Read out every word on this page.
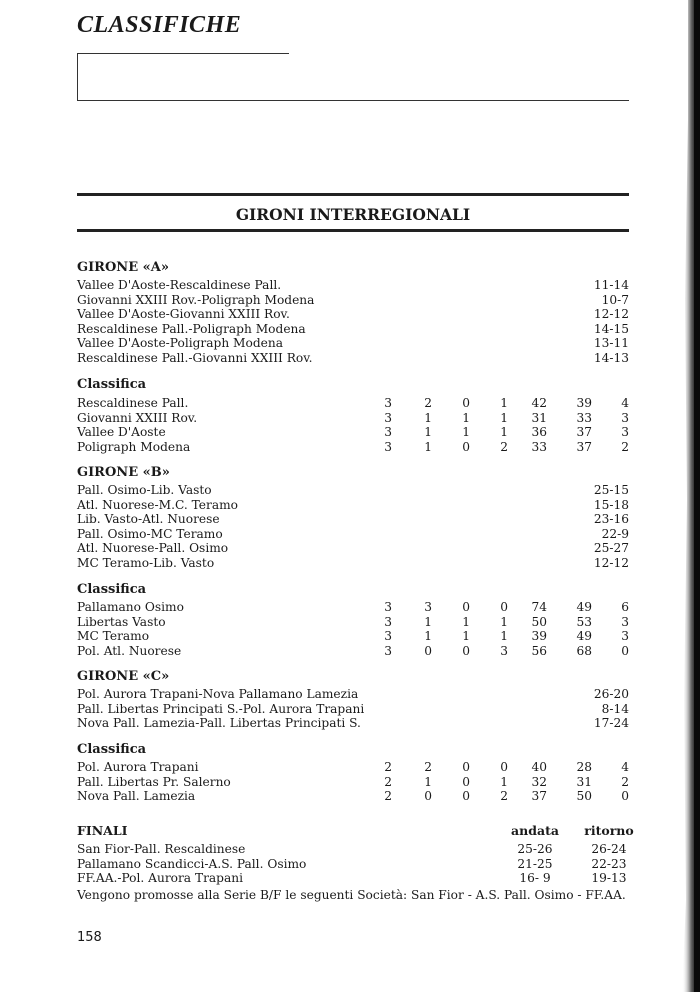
CLASSIFICHE
GIRONI INTERREGIONALI
GIRONE «A»
Vallee D'Aoste-Rescaldinese Pall.	11-14
Giovanni XXIII Rov.-Poligraph Modena	10-7
Vallee D'Aoste-Giovanni XXIII Rov.	12-12
Rescaldinese Pall.-Poligraph Modena	14-15
Vallee D'Aoste-Poligraph Modena	13-11
Rescaldinese Pall.-Giovanni XXIII Rov.	14-13
Classifica
Rescaldinese Pall.	3	2	0	1	42	39	4
Giovanni XXIII Rov.	3	1	1	1	31	33	3
Vallee D'Aoste	3	1	1	1	36	37	3
Poligraph Modena	3	1	0	2	33	37	2
GIRONE «B»
Pall. Osimo-Lib. Vasto	25-15
Atl. Nuorese-M.C. Teramo	15-18
Lib. Vasto-Atl. Nuorese	23-16
Pall. Osimo-MC Teramo	22-9
Atl. Nuorese-Pall. Osimo	25-27
MC Teramo-Lib. Vasto	12-12
Classifica
Pallamano Osimo	3	3	0	0	74	49	6
Libertas Vasto	3	1	1	1	50	53	3
MC Teramo	3	1	1	1	39	49	3
Pol. Atl. Nuorese	3	0	0	3	56	68	0
GIRONE «C»
Pol. Aurora Trapani-Nova Pallamano Lamezia	26-20
Pall. Libertas Principati S.-Pol. Aurora Trapani	8-14
Nova Pall. Lamezia-Pall. Libertas Principati S.	17-24
Classifica
Pol. Aurora Trapani	2	2	0	0	40	28	4
Pall. Libertas Pr. Salerno	2	1	0	1	32	31	2
Nova Pall. Lamezia	2	0	0	2	37	50	0
FINALI	andata	ritorno
San Fior-Pall. Rescaldinese	25-26	26-24
Pallamano Scandicci-A.S. Pall. Osimo	21-25	22-23
FF.AA.-Pol. Aurora Trapani	16- 9	19-13
Vengono promosse alla Serie B/F le seguenti Società: San Fior - A.S. Pall. Osimo - FF.AA.
158
